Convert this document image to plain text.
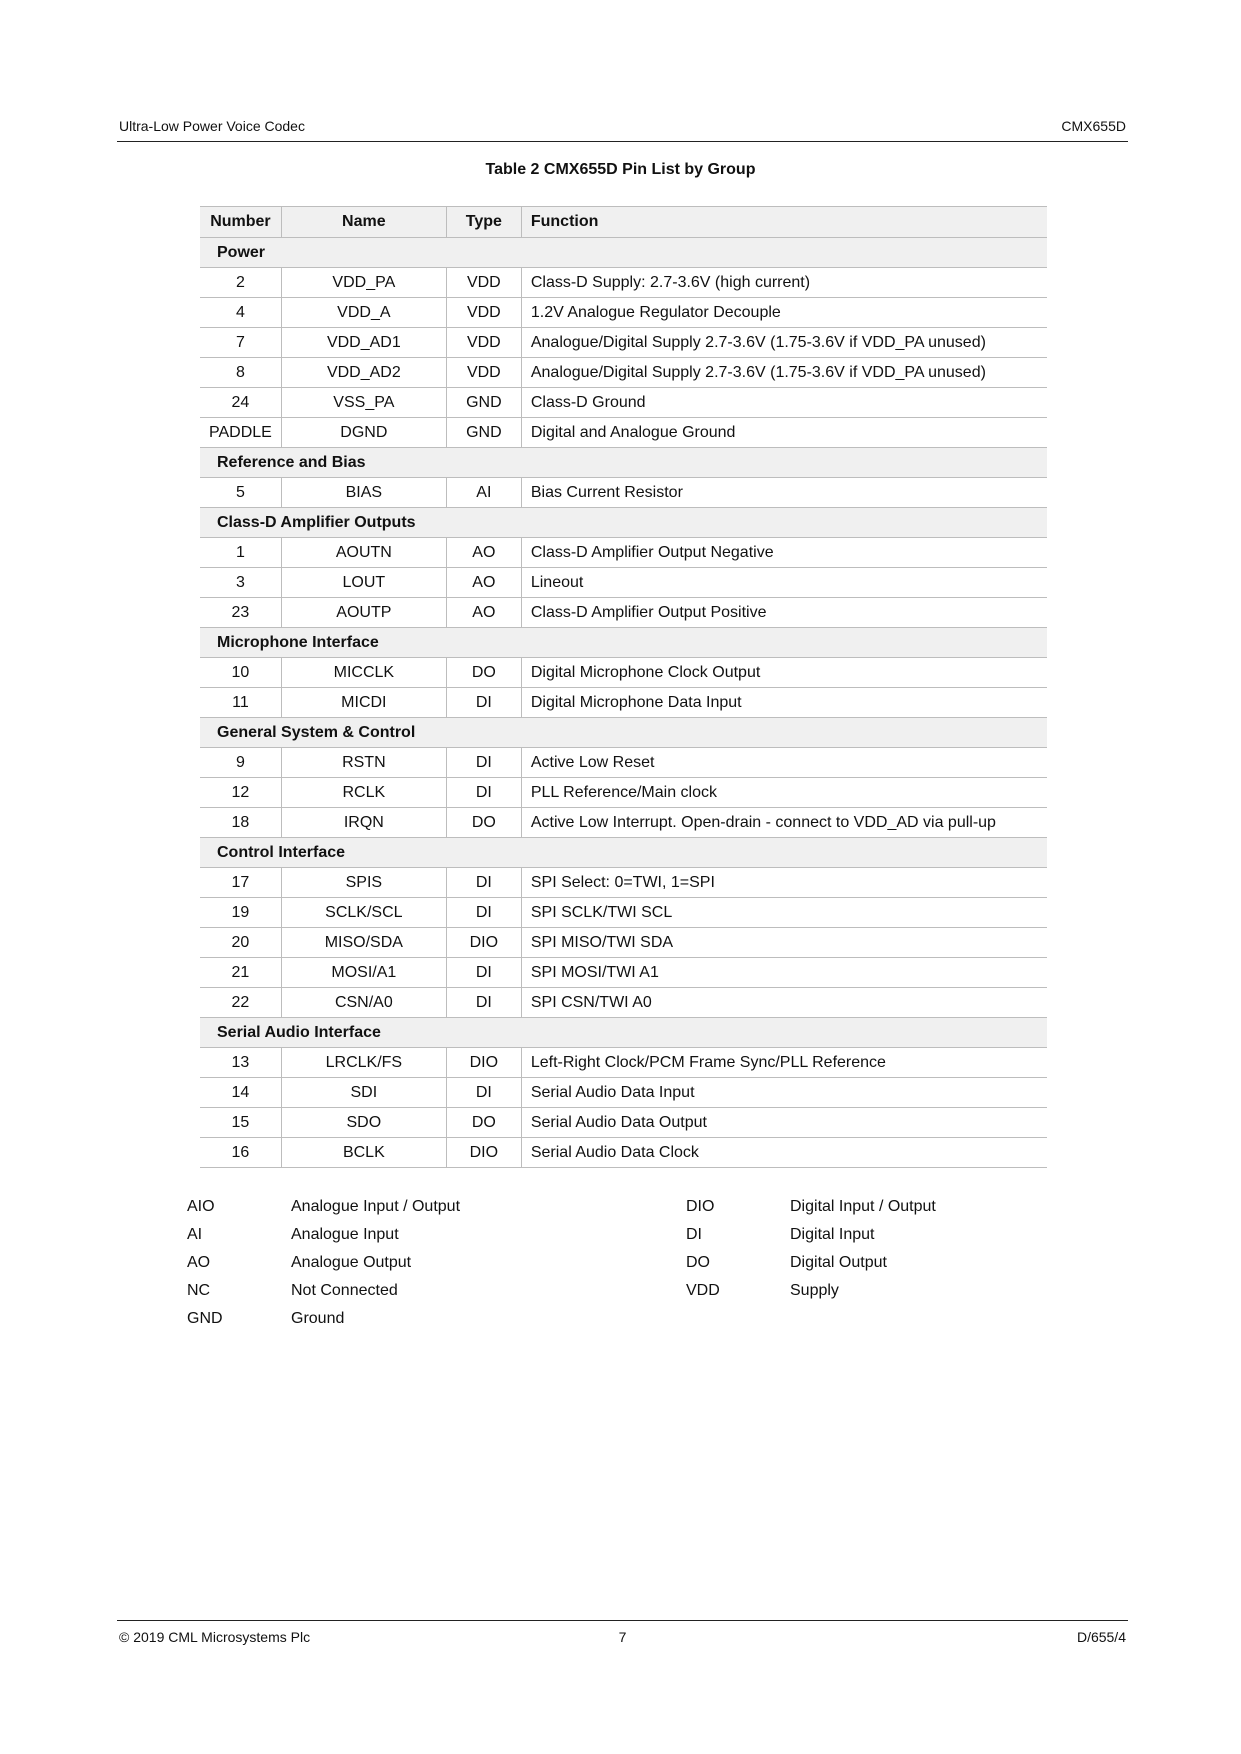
Ultra-Low Power Voice Codec	CMX655D
Table 2 CMX655D Pin List by Group
Number	Name	Type	Function
Power			
2	VDD_PA	VDD	Class-D Supply: 2.7-3.6V (high current)
4	VDD_A	VDD	1.2V Analogue Regulator Decouple
7	VDD_AD1	VDD	Analogue/Digital Supply 2.7-3.6V (1.75-3.6V if VDD_PA unused)
8	VDD_AD2	VDD	Analogue/Digital Supply 2.7-3.6V (1.75-3.6V if VDD_PA unused)
24	VSS_PA	GND	Class-D Ground
PADDLE	DGND	GND	Digital and Analogue Ground
Reference and Bias			
5	BIAS	AI	Bias Current Resistor
Class-D Amplifier Outputs			
1	AOUTN	AO	Class-D Amplifier Output Negative
3	LOUT	AO	Lineout
23	AOUTP	AO	Class-D Amplifier Output Positive
Microphone Interface			
10	MICCLK	DO	Digital Microphone Clock Output
11	MICDI	DI	Digital Microphone Data Input
General System & Control			
9	RSTN	DI	Active Low Reset
12	RCLK	DI	PLL Reference/Main clock
18	IRQN	DO	Active Low Interrupt. Open-drain - connect to VDD_AD via pull-up
Control Interface			
17	SPIS	DI	SPI Select: 0=TWI, 1=SPI
19	SCLK/SCL	DI	SPI SCLK/TWI SCL
20	MISO/SDA	DIO	SPI MISO/TWI SDA
21	MOSI/A1	DI	SPI MOSI/TWI A1
22	CSN/A0	DI	SPI CSN/TWI A0
Serial Audio Interface			
13	LRCLK/FS	DIO	Left-Right Clock/PCM Frame Sync/PLL Reference
14	SDI	DI	Serial Audio Data Input
15	SDO	DO	Serial Audio Data Output
16	BCLK	DIO	Serial Audio Data Clock
AIO	Analogue Input / Output
AI	Analogue Input
AO	Analogue Output
NC	Not Connected
GND	Ground
DIO	Digital Input / Output
DI	Digital Input
DO	Digital Output
VDD	Supply
© 2019 CML Microsystems Plc	7	D/655/4
